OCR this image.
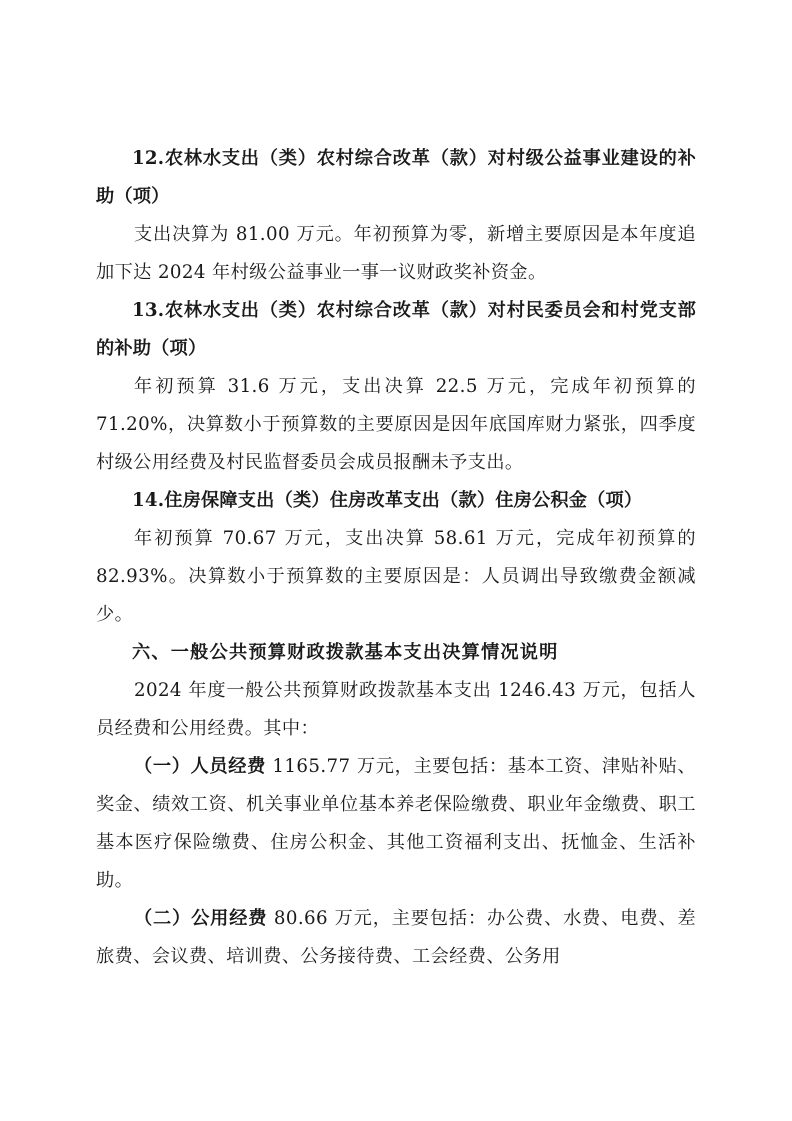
12.农林水支出（类）农村综合改革（款）对村级公益事业建设的补助（项）

支出决算为 81.00 万元。年初预算为零，新增主要原因是本年度追加下达 2024 年村级公益事业一事一议财政奖补资金。

13.农林水支出（类）农村综合改革（款）对村民委员会和村党支部的补助（项）

年初预算 31.6 万元，支出决算 22.5 万元，完成年初预算的 71.20%，决算数小于预算数的主要原因是因年底国库财力紧张，四季度村级公用经费及村民监督委员会成员报酬未予支出。

14.住房保障支出（类）住房改革支出（款）住房公积金（项）

年初预算 70.67 万元，支出决算 58.61 万元，完成年初预算的 82.93%。决算数小于预算数的主要原因是：人员调出导致缴费金额减少。

六、一般公共预算财政拨款基本支出决算情况说明

2024 年度一般公共预算财政拨款基本支出 1246.43 万元，包括人员经费和公用经费。其中：

（一）人员经费 1165.77 万元，主要包括：基本工资、津贴补贴、奖金、绩效工资、机关事业单位基本养老保险缴费、职业年金缴费、职工基本医疗保险缴费、住房公积金、其他工资福利支出、抚恤金、生活补助。

（二）公用经费 80.66 万元，主要包括：办公费、水费、电费、差旅费、会议费、培训费、公务接待费、工会经费、公务用
